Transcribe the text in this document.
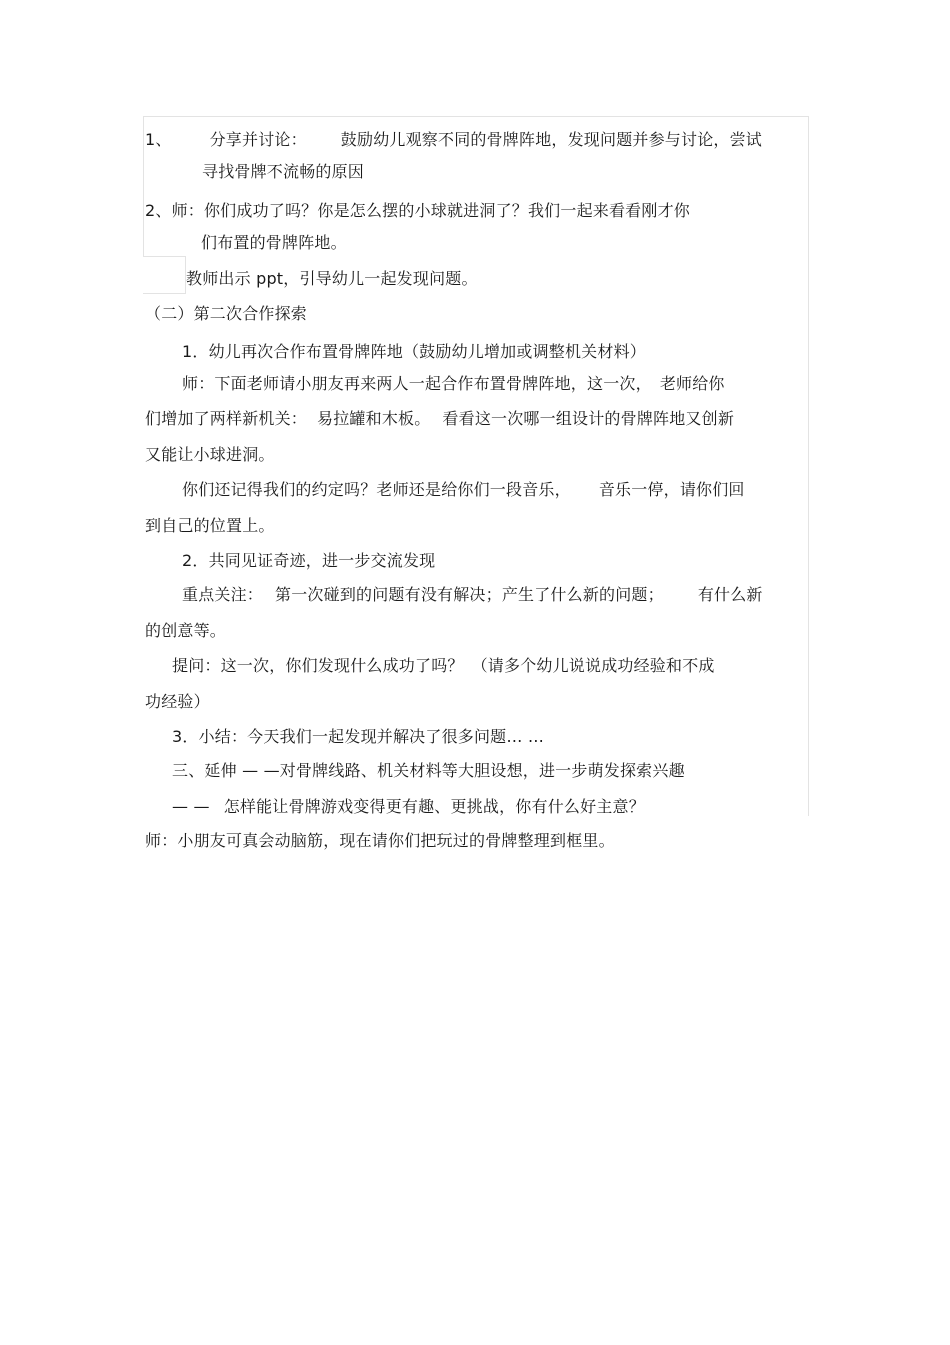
1、 分享并讨论： 鼓励幼儿观察不同的骨牌阵地，发现问题并参与讨论，尝试
寻找骨牌不流畅的原因
2、师：你们成功了吗？你是怎么摆的小球就进洞了？我们一起来看看刚才你
们布置的骨牌阵地。
教师出示 ppt，引导幼儿一起发现问题。
（二）第二次合作探索
1．幼儿再次合作布置骨牌阵地（鼓励幼儿增加或调整机关材料）
师：下面老师请小朋友再来两人一起合作布置骨牌阵地，这一次， 老师给你
们增加了两样新机关： 易拉罐和木板。 看看这一次哪一组设计的骨牌阵地又创新
又能让小球进洞。
你们还记得我们的约定吗？老师还是给你们一段音乐， 音乐一停，请你们回
到自己的位置上。
2．共同见证奇迹，进一步交流发现
重点关注： 第一次碰到的问题有没有解决；产生了什么新的问题； 有什么新
的创意等。
提问：这一次，你们发现什么成功了吗？ （请多个幼儿说说成功经验和不成
功经验）
3．小结：今天我们一起发现并解决了很多问题… …
三、延伸 — —对骨牌线路、机关材料等大胆设想，进一步萌发探索兴趣
— — 怎样能让骨牌游戏变得更有趣、更挑战，你有什么好主意？
师：小朋友可真会动脑筋，现在请你们把玩过的骨牌整理到框里。
